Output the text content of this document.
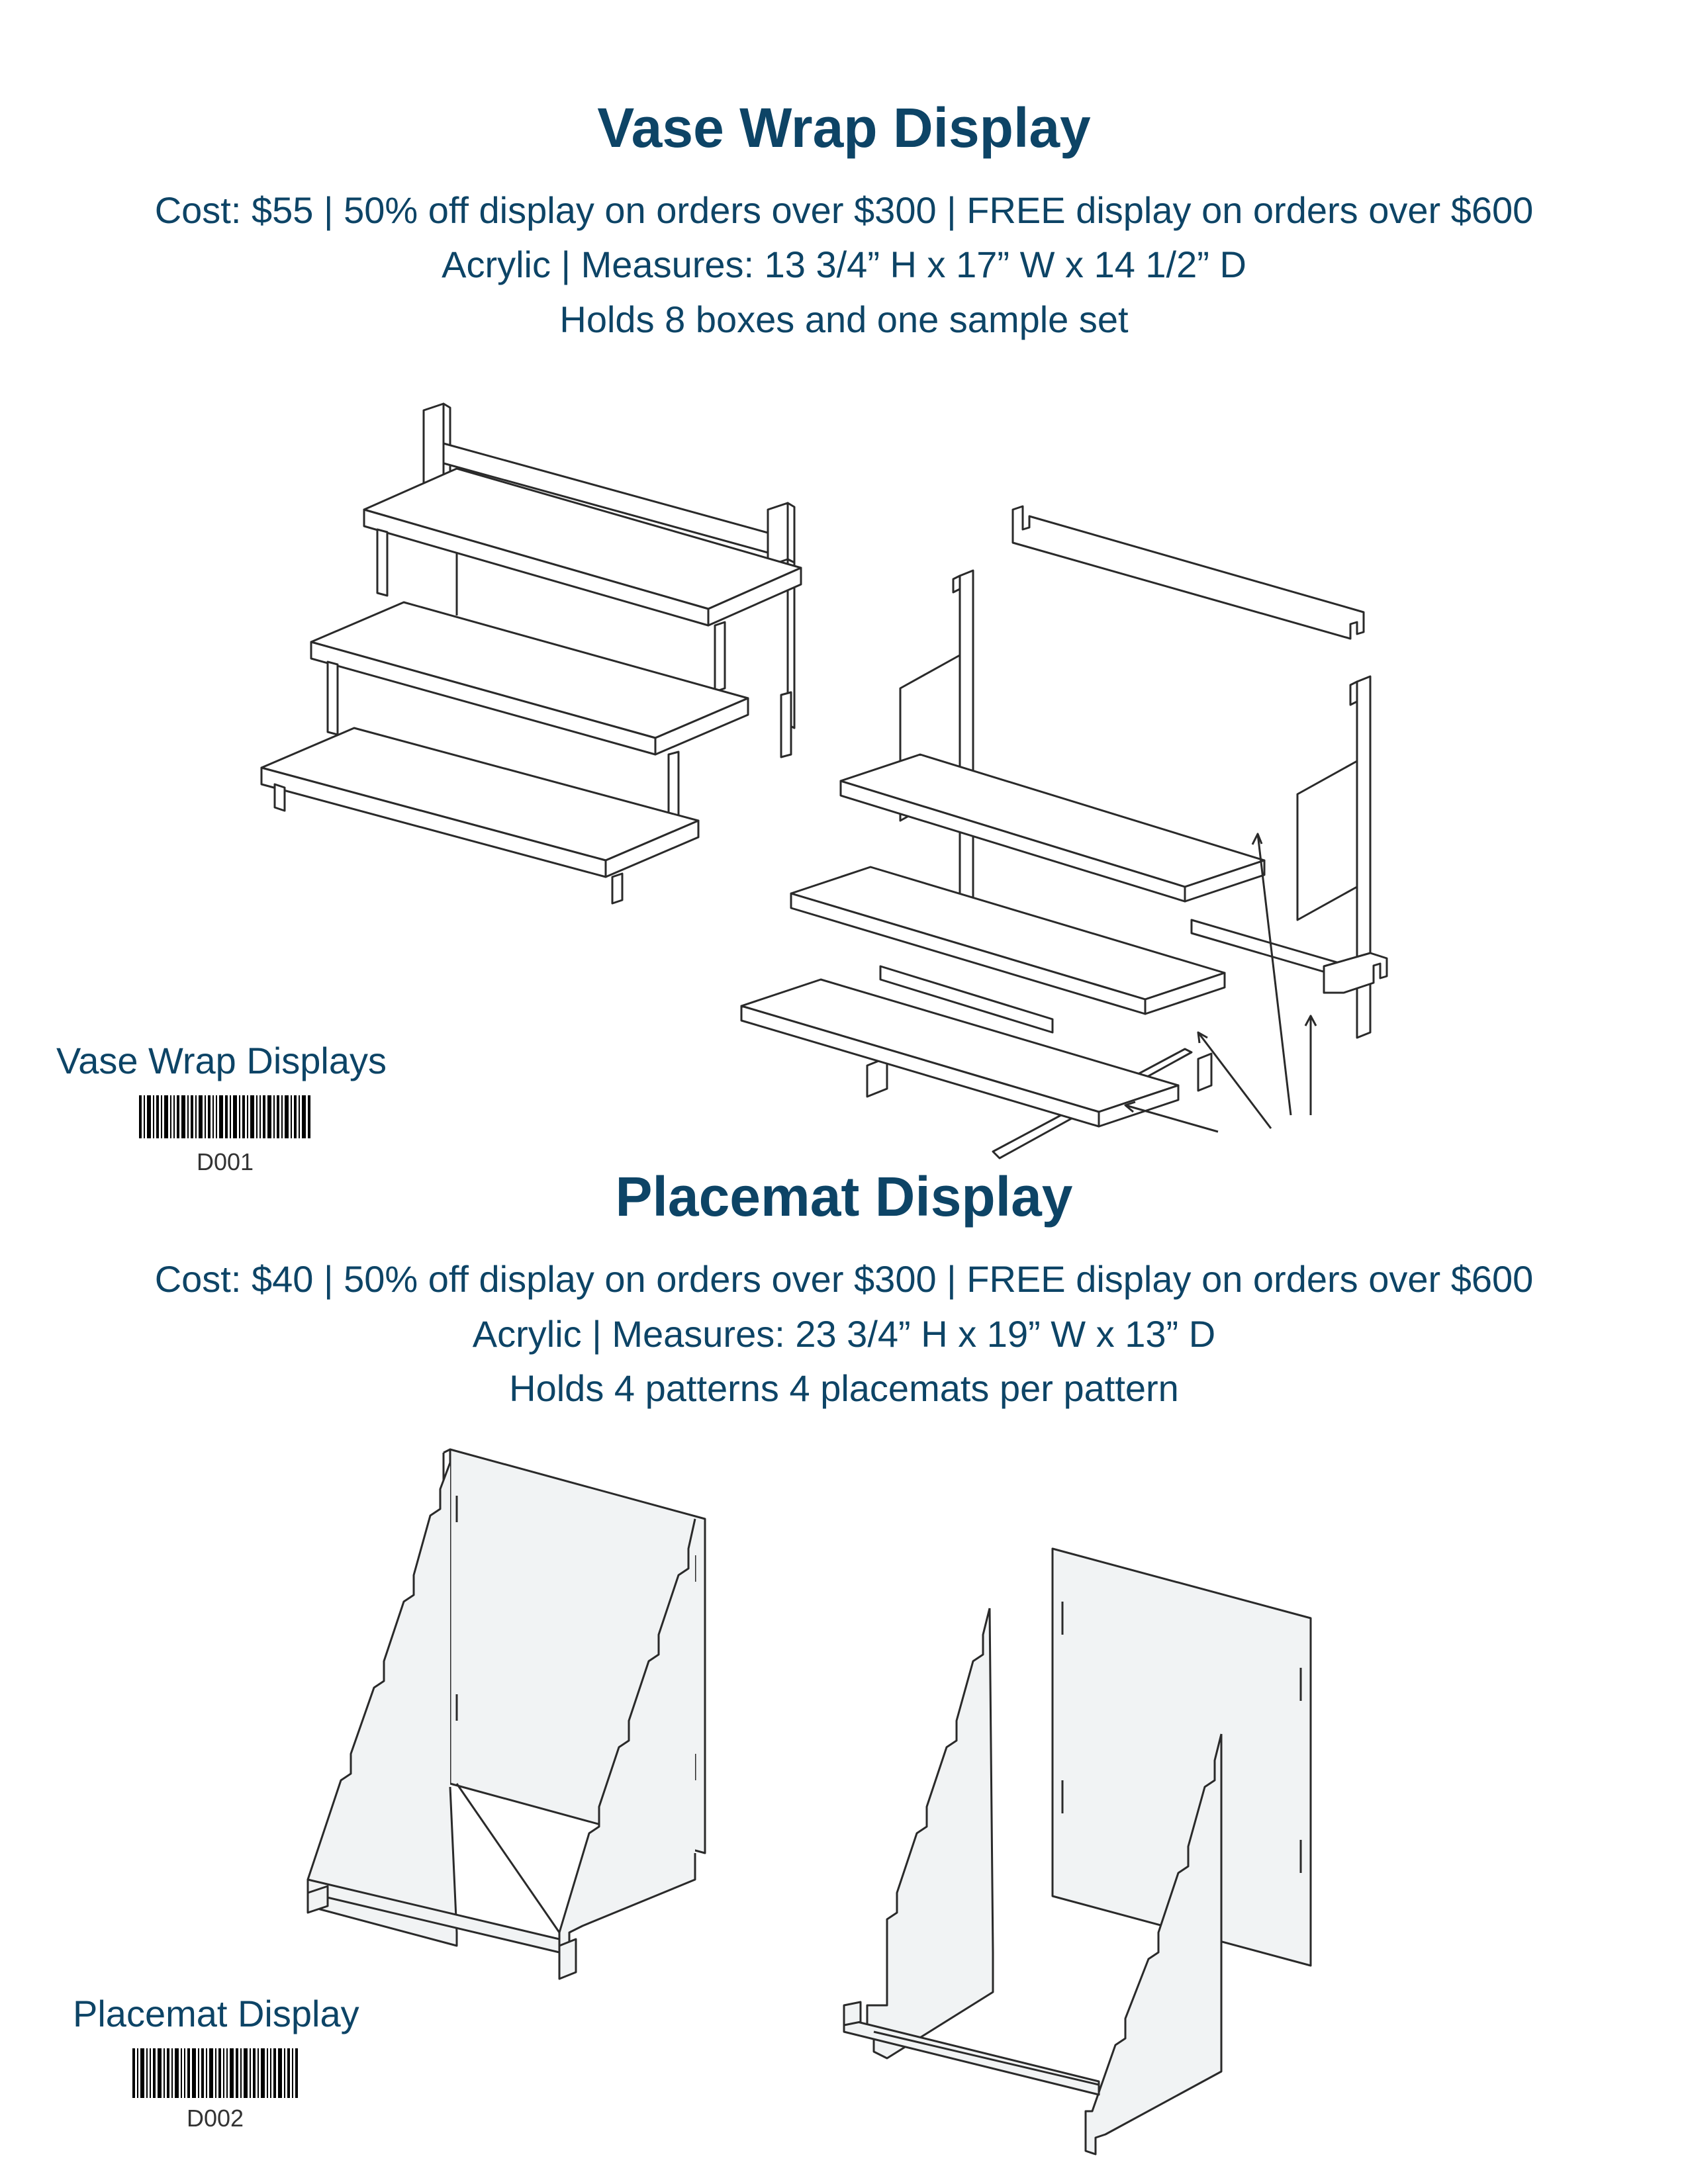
Vase Wrap Display
Cost: $55 | 50% off display on orders over $300 | FREE display on orders over $600
Acrylic | Measures: 13 3/4” H x 17” W x 14 1/2” D
Holds 8 boxes and one sample set
Vase Wrap Displays
D001
Placemat Display
Cost: $40 | 50% off display on orders over $300 | FREE display on orders over $600
Acrylic | Measures: 23 3/4” H x 19” W x 13” D
Holds 4 patterns 4 placemats per pattern
Placemat Display
D002
